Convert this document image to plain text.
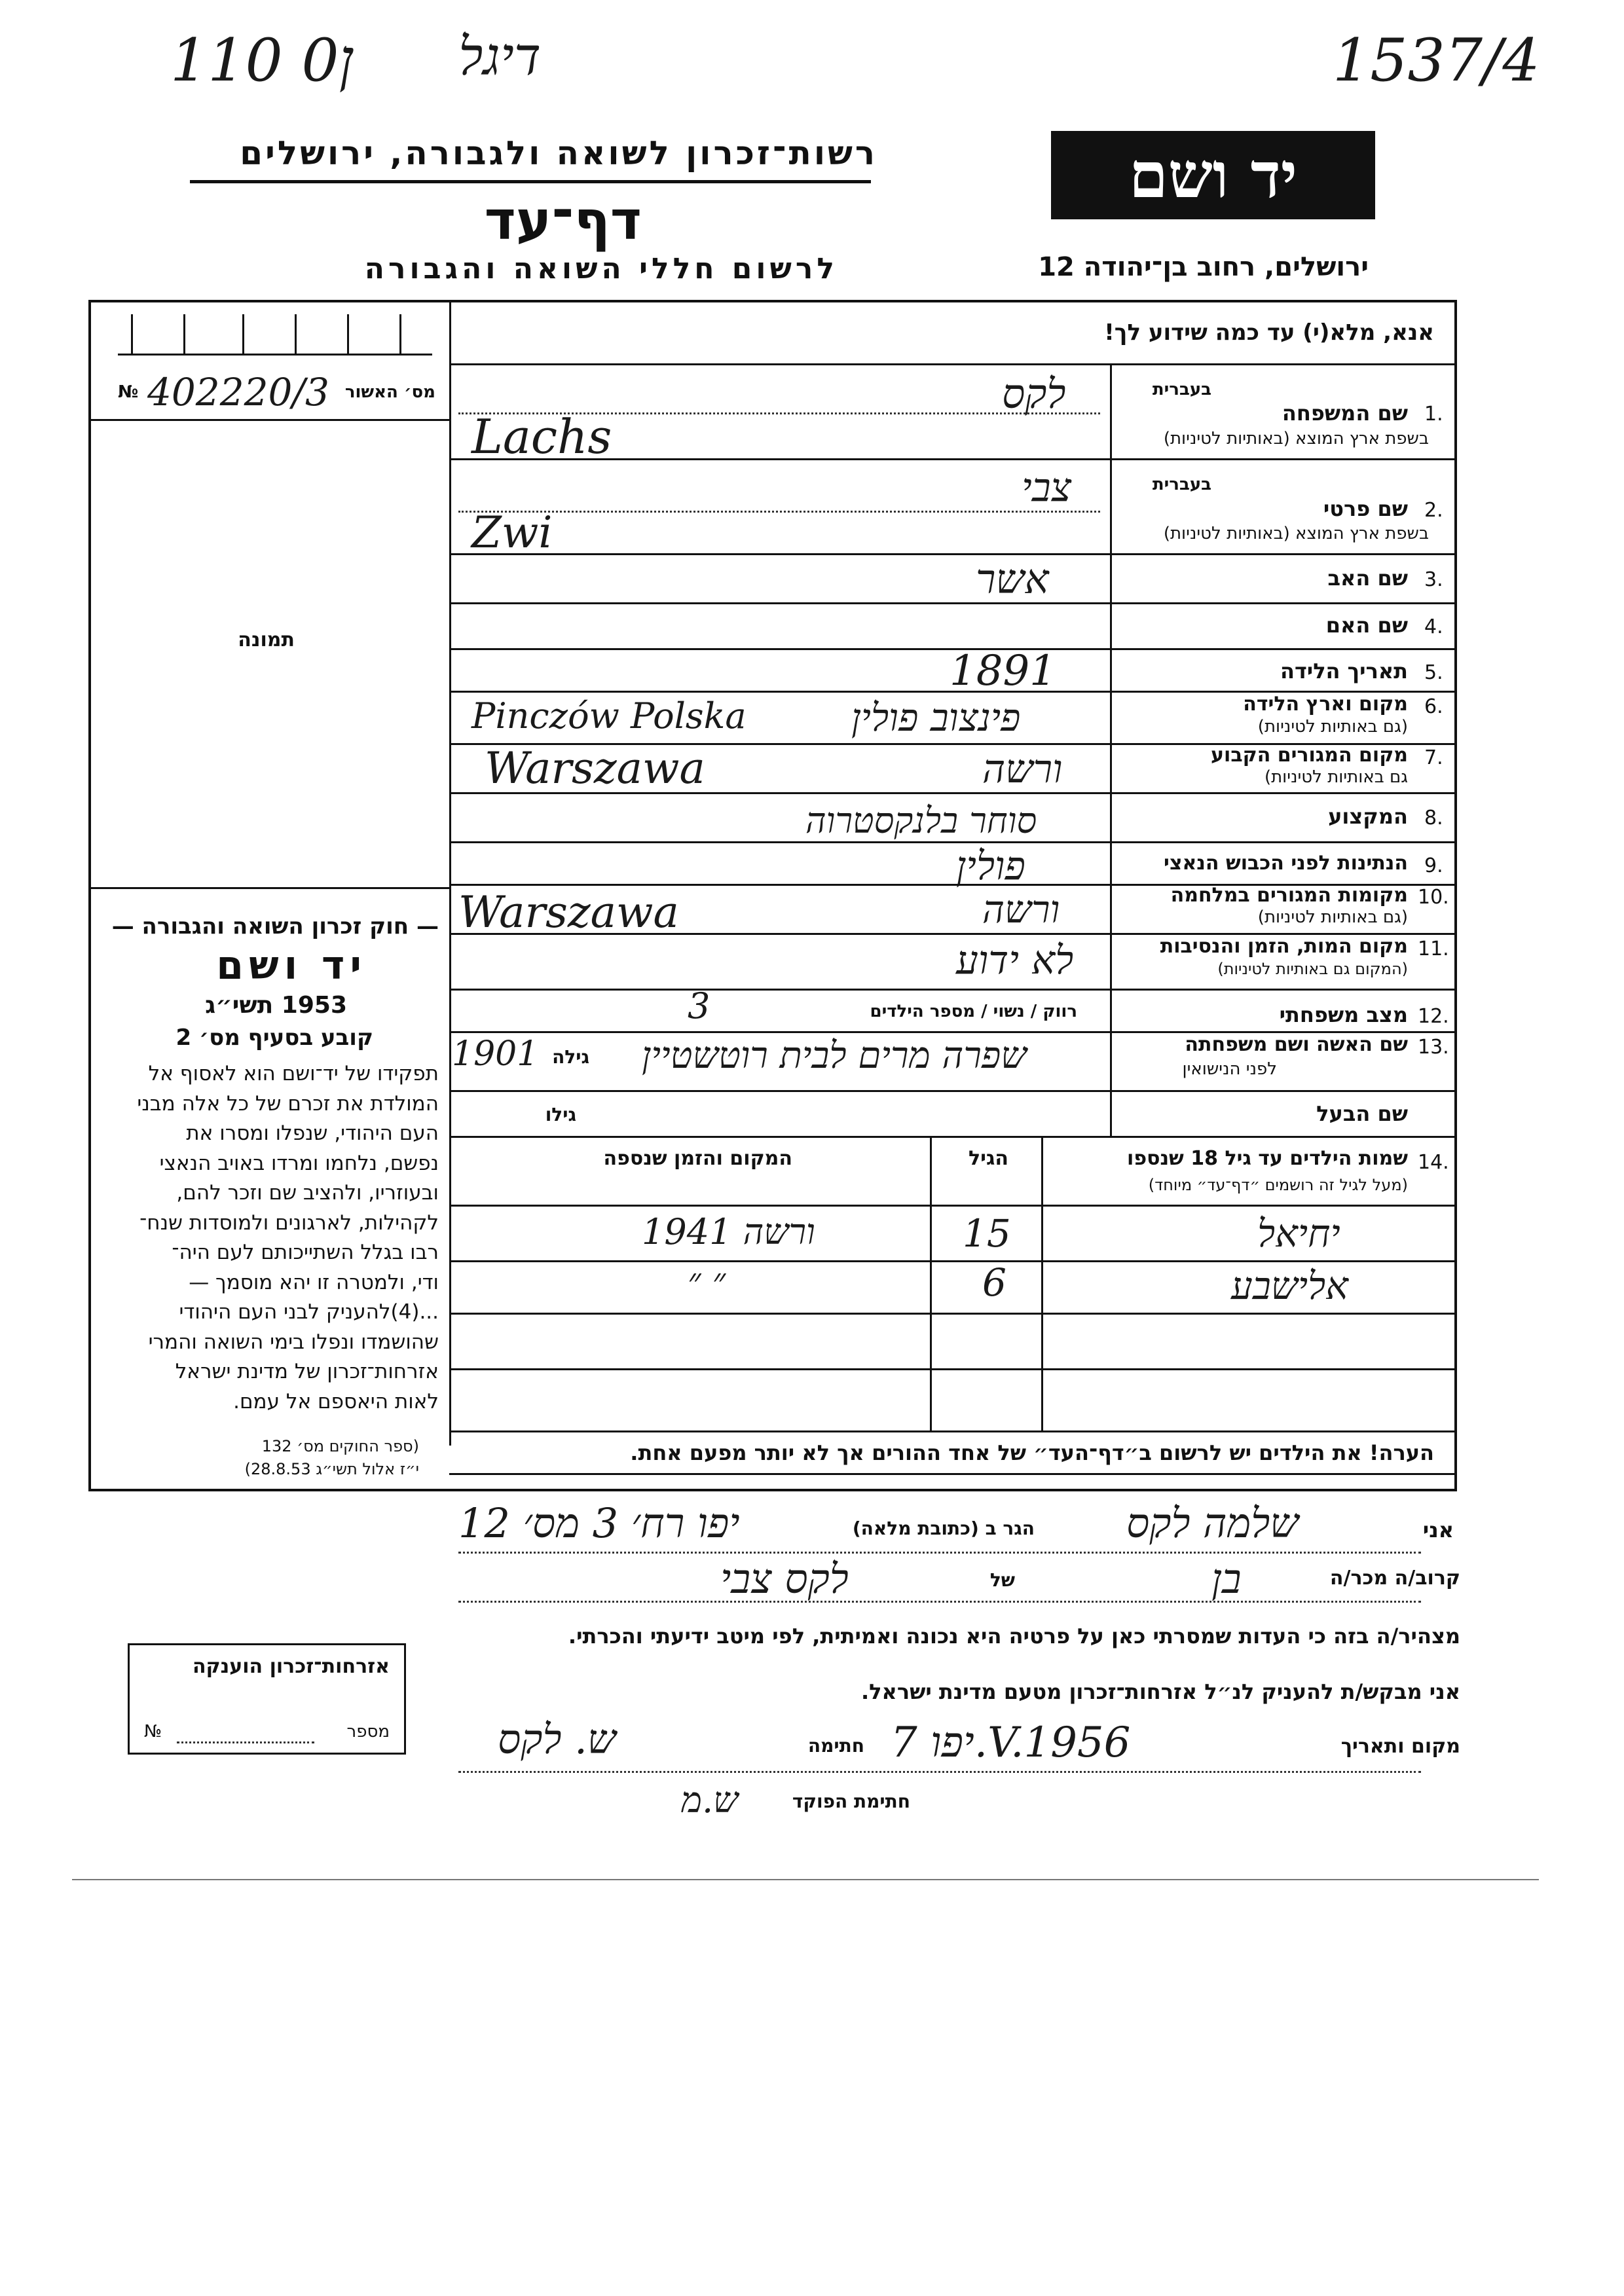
110 ן0 דיגל	1537/4
רשות־זכרון לשואה ולגבורה, ירושלים
דף־עד
לרשום חללי השואה והגבורה
יד ושם
ירושלים, רחוב בן־יהודה 12
מס׳ האשור
402220/3
№
תמונה
— חוק זכרון השואה והגבורה —
יד ושם
1953 תשי״ג
קובע בסעיף מס׳ 2
תפקידו של יד־ושם הוא לאסוף אל
המולדת את זכרם של כל אלה מבני
העם היהודי, שנפלו ומסרו את
נפשם, נלחמו ומרדו באויב הנאצי
ובעוזריו, ולהציב שם וזכר להם,
לקהילות, לארגונים ולמוסדות שנח־
רבו בגלל השתייכותם לעם היה־
ודי, ולמטרה זו יהא מוסמך —
...(4)להעניק לבני העם היהודי
שהושמדו ונפלו בימי השואה והמרי
אזרחות־זכרון של מדינת ישראל
לאות היאספם אל עמם.
(ספר החוקים מס׳ 132
י״ז אלול תשי״ג 28.8.53)
אנא, מלא(י) עד כמה שידוע לך!
1.
שם המשפחה
בעברית
בשפת ארץ המוצא (באותיות לטיניות)
לקס
Lachs
2.
שם פרטי
בעברית
בשפת ארץ המוצא (באותיות לטיניות)
צבי
Zwi
3.
שם האב
אשר
4.
שם האם
5.
תאריך הלידה
1891
6.
מקום וארץ הלידה
(גם באותיות לטיניות)
פינצוב פולין
Pinczów Polska
7.
מקום המגורים הקבוע
גם באותיות לטיניות)
ורשה
Warszawa
8.
המקצוע
סוחר בלנקסטרוה
9.
הנתינות לפני הכבוש הנאצי
פולין
10.
מקומות המגורים במלחמה
(גם באותיות לטיניות)
ורשה
Warszawa
11.
מקום המות, הזמן והנסיבות
(המקום גם באותיות לטיניות)
לא ידוע
12.
מצב משפחתי
רווק / נשוי / מספר הילדים
3
13.
שם האשה ושם משפחתה
לפני הנישואין
גילה
1901	שפרה מרים לבית רוטשטיין
שם הבעל
גילו
14.
שמות הילדים עד גיל 18 שנספו
(מעל לגיל זה רושמים ״דף־עד״ מיוחד)
הגיל
המקום והזמן שנספה
יחיאל
15
ורשה 1941
אלישבע
6
״ ״
הערה! את הילדים יש לרשום ב״דף־העד״ של אחד ההורים אך לא יותר מפעם אחת.
אני
שלמה לקס
הגר ב (כתובת מלאה)
יפו רח׳ 3 מס׳ 12
קרוב/ה מכר/ה
בן
של
לקס צבי
מצהיר/ה בזה כי העדות שמסרתי כאן על פרטיה היא נכונה ואמיתית, לפי מיטב ידיעתי והכרתי.
אני מבקש/ת להעניק לנ״ל אזרחות־זכרון מטעם מדינת ישראל.
מקום ותאריך
יפו 7.V.1956
חתימה
ש. לקס
חתימת הפוקד
ש.מ
אזרחות־זכרון הוענקה
מספר
№
